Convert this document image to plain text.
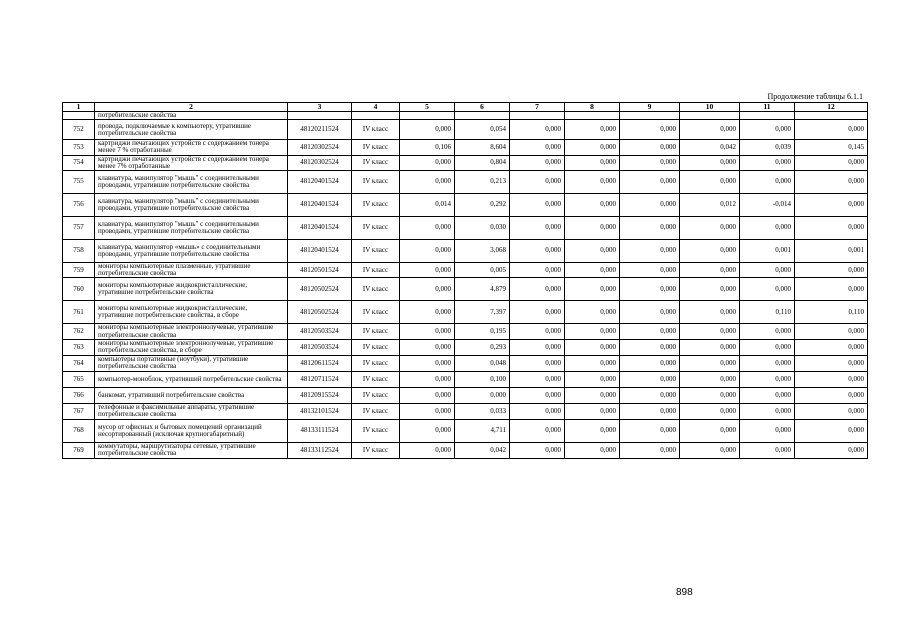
Продолжение таблицы 6.1.1
1	2	3	4	5	6	7	8	9	10	11	12
	потребительские свойства										
752	провода, подключаемые к компьютеру, утратившие потребительские свойства	48120211524	IV класс	0,000	0,054	0,000	0,000	0,000	0,000	0,000	0,000
753	картриджи печатающих устройств с содержанием тонера менее 7 % отработанные	48120302524	IV класс	0,106	8,604	0,000	0,000	0,000	0,042	0,039	0,145
754	картриджи печатающих устройств с содержанием тонера менее 7% отработанные	48120302524	IV класс	0,000	0,804	0,000	0,000	0,000	0,000	0,000	0,000
755	клавиатура, манипулятор "мышь" с соединительными проводами, утратившие потребительские свойства	48120401524	IV класс	0,000	0,213	0,000	0,000	0,000	0,000	0,000	0,000
756	клавиатура, манипулятор "мышь" с соединительными проводами, утратившие потребительские свойства	48120401524	IV класс	0,014	0,292	0,000	0,000	0,000	0,012	-0,014	0,000
757	клавиатура, манипулятор "мышь" с соединительными проводами, утратившие потребительские свойства	48120401524	IV класс	0,000	0,030	0,000	0,000	0,000	0,000	0,000	0,000
758	клавиатура, манипулятор «мышь» с соединительными проводами, утратившие потребительские свойства	48120401524	IV класс	0,000	3,068	0,000	0,000	0,000	0,000	0,001	0,001
759	мониторы компьютерные плазменные, утратившие потребительские свойства	48120501524	IV класс	0,000	0,005	0,000	0,000	0,000	0,000	0,000	0,000
760	мониторы компьютерные жидкокристаллические, утратившие потребительские свойства	48120502524	IV класс	0,000	4,879	0,000	0,000	0,000	0,000	0,000	0,000
761	мониторы компьютерные жидкокристаллические, утратившие потребительские свойства, в сборе	48120502524	IV класс	0,000	7,397	0,000	0,000	0,000	0,000	0,110	0,110
762	мониторы компьютерные электроннолучевые, утратившие потребительские свойства	48120503524	IV класс	0,000	0,195	0,000	0,000	0,000	0,000	0,000	0,000
763	мониторы компьютерные электроннолучевые, утратившие потребительские свойства, в сборе	48120503524	IV класс	0,000	0,293	0,000	0,000	0,000	0,000	0,000	0,000
764	компьютеры портативные (ноутбуки), утратившие потребительские свойства	48120611524	IV класс	0,000	0,048	0,000	0,000	0,000	0,000	0,000	0,000
765	компьютер-моноблок, утративший потребительские свойства	48120711524	IV класс	0,000	0,100	0,000	0,000	0,000	0,000	0,000	0,000
766	банкомат, утративший потребительские свойства	48120915524	IV класс	0,000	0,000	0,000	0,000	0,000	0,000	0,000	0,000
767	телефонные и факсимильные аппараты, утратившие потребительские свойства	48132101524	IV класс	0,000	0,033	0,000	0,000	0,000	0,000	0,000	0,000
768	мусор от офисных и бытовых помещений организаций несортированный (исключая крупногабаритный)	48133111524	IV класс	0,000	4,711	0,000	0,000	0,000	0,000	0,000	0,000
769	коммутаторы, маршрутизаторы сетевые, утратившие потребительские свойства	48133112524	IV класс	0,000	0,042	0,000	0,000	0,000	0,000	0,000	0,000
898
